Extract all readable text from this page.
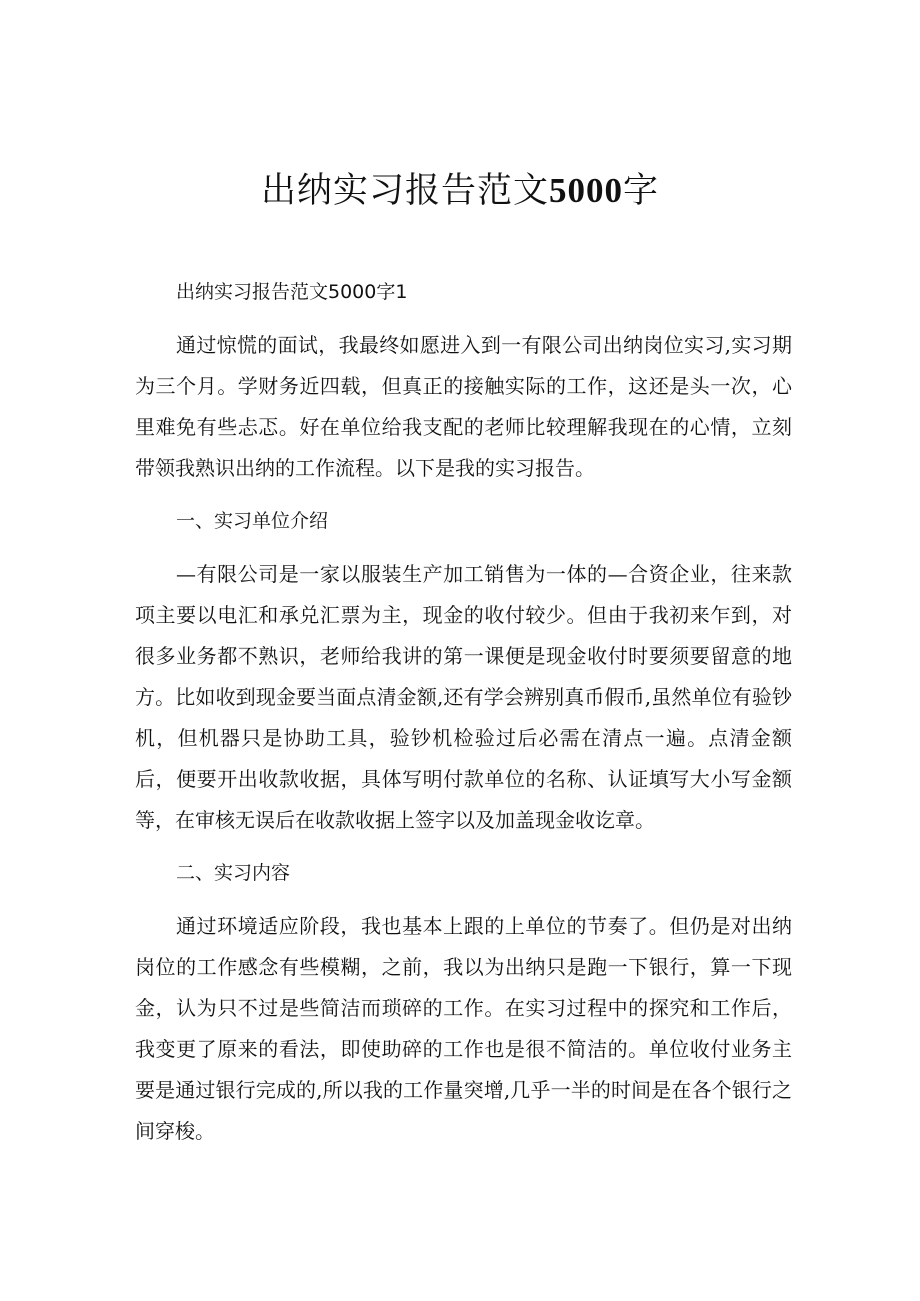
出纳实习报告范文5000字

出纳实习报告范文5000字1

通过惊慌的面试，我最终如愿进入到一有限公司出纳岗位实习,实习期为三个月。学财务近四载，但真正的接触实际的工作，这还是头一次，心里难免有些忐忑。好在单位给我支配的老师比较理解我现在的心情，立刻带领我熟识出纳的工作流程。以下是我的实习报告。

一、实习单位介绍

—有限公司是一家以服装生产加工销售为一体的—合资企业，往来款项主要以电汇和承兑汇票为主，现金的收付较少。但由于我初来乍到，对很多业务都不熟识，老师给我讲的第一课便是现金收付时要须要留意的地方。比如收到现金要当面点清金额,还有学会辨别真币假币,虽然单位有验钞机，但机器只是协助工具，验钞机检验过后必需在清点一遍。点清金额后，便要开出收款收据，具体写明付款单位的名称、认证填写大小写金额等，在审核无误后在收款收据上签字以及加盖现金收讫章。

二、实习内容

通过环境适应阶段，我也基本上跟的上单位的节奏了。但仍是对出纳岗位的工作感念有些模糊，之前，我以为出纳只是跑一下银行，算一下现金，认为只不过是些简洁而琐碎的工作。在实习过程中的探究和工作后，我变更了原来的看法，即使助碎的工作也是很不简洁的。单位收付业务主要是通过银行完成的,所以我的工作量突增,几乎一半的时间是在各个银行之间穿梭。
